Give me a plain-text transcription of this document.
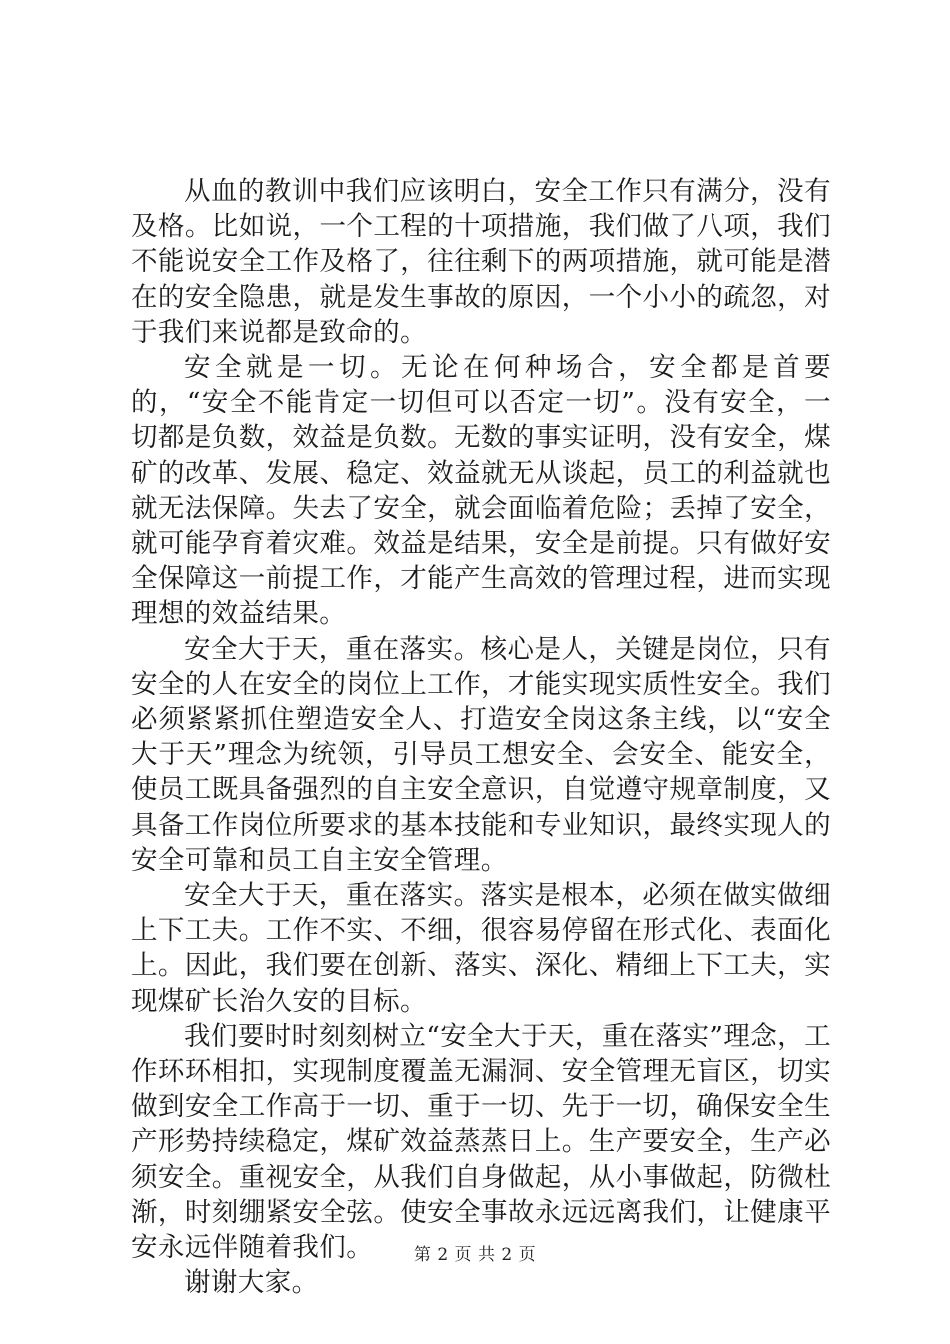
从血的教训中我们应该明白，安全工作只有满分，没有及格。比如说，一个工程的十项措施，我们做了八项，我们不能说安全工作及格了，往往剩下的两项措施，就可能是潜在的安全隐患，就是发生事故的原因，一个小小的疏忽，对于我们来说都是致命的。

安全就是一切。无论在何种场合，安全都是首要的，“安全不能肯定一切但可以否定一切”。没有安全，一切都是负数，效益是负数。无数的事实证明，没有安全，煤矿的改革、发展、稳定、效益就无从谈起，员工的利益就也就无法保障。失去了安全，就会面临着危险；丢掉了安全，就可能孕育着灾难。效益是结果，安全是前提。只有做好安全保障这一前提工作，才能产生高效的管理过程，进而实现理想的效益结果。

安全大于天，重在落实。核心是人，关键是岗位，只有安全的人在安全的岗位上工作，才能实现实质性安全。我们必须紧紧抓住塑造安全人、打造安全岗这条主线，以“安全大于天”理念为统领，引导员工想安全、会安全、能安全，使员工既具备强烈的自主安全意识，自觉遵守规章制度，又具备工作岗位所要求的基本技能和专业知识，最终实现人的安全可靠和员工自主安全管理。

安全大于天，重在落实。落实是根本，必须在做实做细上下工夫。工作不实、不细，很容易停留在形式化、表面化上。因此，我们要在创新、落实、深化、精细上下工夫，实现煤矿长治久安的目标。

我们要时时刻刻树立“安全大于天，重在落实”理念，工作环环相扣，实现制度覆盖无漏洞、安全管理无盲区，切实做到安全工作高于一切、重于一切、先于一切，确保安全生产形势持续稳定，煤矿效益蒸蒸日上。生产要安全，生产必须安全。重视安全，从我们自身做起，从小事做起，防微杜渐，时刻绷紧安全弦。使安全事故永远远离我们，让健康平安永远伴随着我们。

谢谢大家。

第 2 页 共 2 页
